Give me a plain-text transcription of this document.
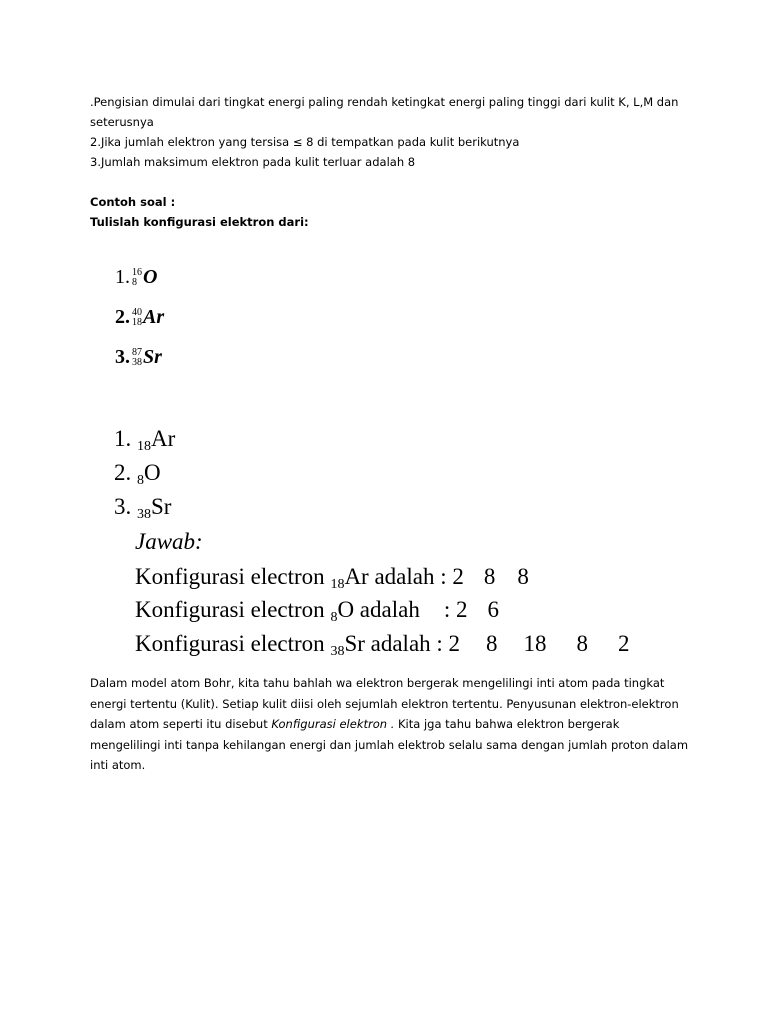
.Pengisian dimulai dari tingkat energi paling rendah ketingkat energi paling tinggi dari kulit K, L,M dan
seterusnya
2.Jika jumlah elektron yang tersisa ≤ 8 di tempatkan pada kulit berikutnya
3.Jumlah maksimum elektron pada kulit terluar adalah 8
Contoh soal :
Tulislah konfigurasi elektron dari:
1. 16
8 O
2. 40
18 Ar
3. 87
38 Sr
1. $_{18}$Ar
2. $_8$O
3. $_{38}$Sr
Jawab:
Konfigurasi electron $_{18}$Ar adalah : 2 8 8
Konfigurasi electron $_8$O adalah : 2 6
Konfigurasi electron $_{38}$Sr adalah : 2 8 18 8 2
Dalam model atom Bohr, kita tahu bahlah wa elektron bergerak mengelilingi inti atom pada tingkat energi tertentu (Kulit). Setiap kulit diisi oleh sejumlah elektron tertentu. Penyusunan elektron-elektron dalam atom seperti itu disebut Konfigurasi elektron . Kita jga tahu bahwa elektron bergerak mengelilingi inti tanpa kehilangan energi dan jumlah elektrob selalu sama dengan jumlah proton dalam inti atom.
